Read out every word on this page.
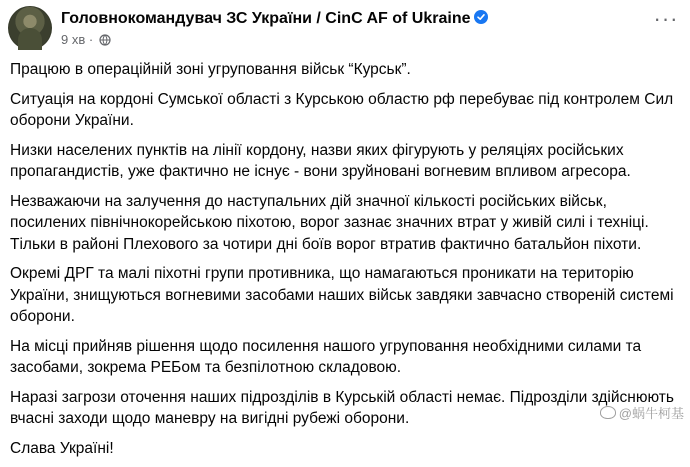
Головнокомандувач ЗС України / CinC AF of Ukraine
9 хв ·
···

Працюю в операційній зоні угруповання військ “Курськ”.

Ситуація на кордоні Сумської області з Курською областю рф перебуває під контролем Сил оборони України.

Низки населених пунктів на лінії кордону, назви яких фігурують у реляціях російських пропагандистів, уже фактично не існує - вони зруйновані вогневим впливом агресора.

Незважаючи на залучення до наступальних дій значної кількості російських військ, посилених північнокорейською піхотою, ворог зазнає значних втрат у живій силі і техніці. Тільки в районі Плехового за чотири дні боїв ворог втратив фактично батальйон піхоти.

Окремі ДРГ та малі піхотні групи противника, що намагаються проникати на територію України, знищуються вогневими засобами наших військ завдяки завчасно створеній системі оборони.

На місці прийняв рішення щодо посилення нашого угруповання необхідними силами та засобами, зокрема РЕБом та безпілотною складовою.

Наразі загрози оточення наших підрозділів в Курській області немає. Підрозділи здійснюють вчасні заходи щодо маневру на вигідні рубежі оборони.

Слава Україні!

@蜗牛柯基
